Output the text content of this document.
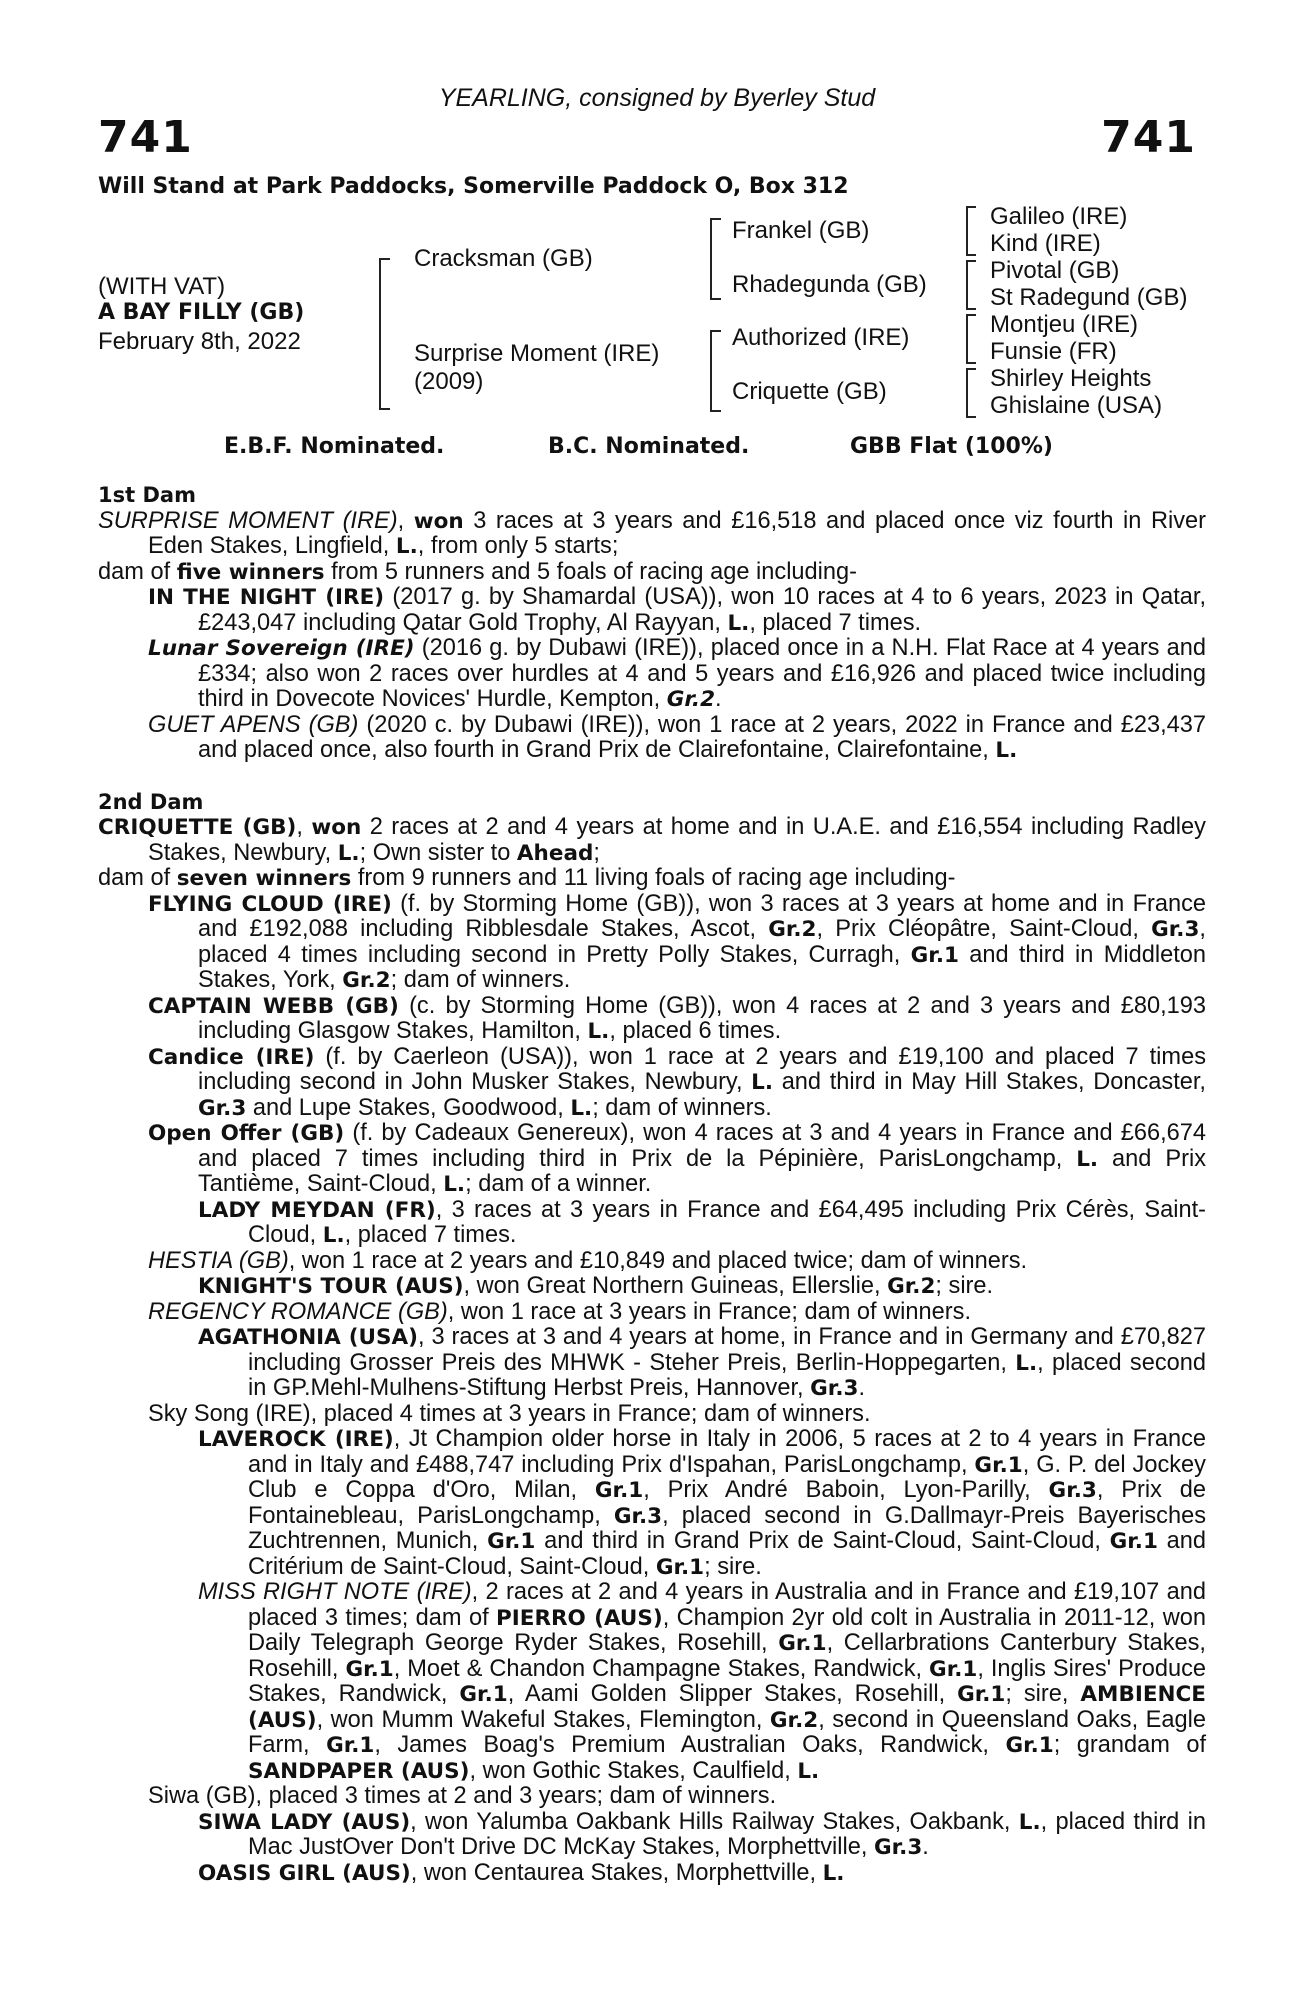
YEARLING, consigned by Byerley Stud
741	741
Will Stand at Park Paddocks, Somerville Paddock O, Box 312
(WITH VAT)
A BAY FILLY (GB)
February 8th, 2022
Cracksman (GB)
Surprise Moment (IRE)
(2009)
Frankel (GB)
Rhadegunda (GB)
Authorized (IRE)
Criquette (GB)
Galileo (IRE)
Kind (IRE)
Pivotal (GB)
St Radegund (GB)
Montjeu (IRE)
Funsie (FR)
Shirley Heights
Ghislaine (USA)
E.B.F. Nominated.	B.C. Nominated.	GBB Flat (100%)
1st Dam

SURPRISE MOMENT (IRE), won 3 races at 3 years and £16,518 and placed once viz fourth in River Eden Stakes, Lingfield, L., from only 5 starts;

dam of five winners from 5 runners and 5 foals of racing age including-

IN THE NIGHT (IRE) (2017 g. by Shamardal (USA)), won 10 races at 4 to 6 years, 2023 in Qatar, £243,047 including Qatar Gold Trophy, Al Rayyan, L., placed 7 times.

Lunar Sovereign (IRE) (2016 g. by Dubawi (IRE)), placed once in a N.H. Flat Race at 4 years and £334; also won 2 races over hurdles at 4 and 5 years and £16,926 and placed twice including third in Dovecote Novices' Hurdle, Kempton, Gr.2.

GUET APENS (GB) (2020 c. by Dubawi (IRE)), won 1 race at 2 years, 2022 in France and £23,437 and placed once, also fourth in Grand Prix de Clairefontaine, Clairefontaine, L.

2nd Dam

CRIQUETTE (GB), won 2 races at 2 and 4 years at home and in U.A.E. and £16,554 including Radley Stakes, Newbury, L.; Own sister to Ahead;

dam of seven winners from 9 runners and 11 living foals of racing age including-

FLYING CLOUD (IRE) (f. by Storming Home (GB)), won 3 races at 3 years at home and in France and £192,088 including Ribblesdale Stakes, Ascot, Gr.2, Prix Cléopâtre, Saint-Cloud, Gr.3, placed 4 times including second in Pretty Polly Stakes, Curragh, Gr.1 and third in Middleton Stakes, York, Gr.2; dam of winners.

CAPTAIN WEBB (GB) (c. by Storming Home (GB)), won 4 races at 2 and 3 years and £80,193 including Glasgow Stakes, Hamilton, L., placed 6 times.

Candice (IRE) (f. by Caerleon (USA)), won 1 race at 2 years and £19,100 and placed 7 times including second in John Musker Stakes, Newbury, L. and third in May Hill Stakes, Doncaster, Gr.3 and Lupe Stakes, Goodwood, L.; dam of winners.

Open Offer (GB) (f. by Cadeaux Genereux), won 4 races at 3 and 4 years in France and £66,674 and placed 7 times including third in Prix de la Pépinière, ParisLongchamp, L. and Prix Tantième, Saint-Cloud, L.; dam of a winner.

LADY MEYDAN (FR), 3 races at 3 years in France and £64,495 including Prix Cérès, Saint-Cloud, L., placed 7 times.

HESTIA (GB), won 1 race at 2 years and £10,849 and placed twice; dam of winners.

KNIGHT'S TOUR (AUS), won Great Northern Guineas, Ellerslie, Gr.2; sire.

REGENCY ROMANCE (GB), won 1 race at 3 years in France; dam of winners.

AGATHONIA (USA), 3 races at 3 and 4 years at home, in France and in Germany and £70,827 including Grosser Preis des MHWK - Steher Preis, Berlin-Hoppegarten, L., placed second in GP.Mehl-Mulhens-Stiftung Herbst Preis, Hannover, Gr.3.

Sky Song (IRE), placed 4 times at 3 years in France; dam of winners.

LAVEROCK (IRE), Jt Champion older horse in Italy in 2006, 5 races at 2 to 4 years in France and in Italy and £488,747 including Prix d'Ispahan, ParisLongchamp, Gr.1, G. P. del Jockey Club e Coppa d'Oro, Milan, Gr.1, Prix André Baboin, Lyon-Parilly, Gr.3, Prix de Fontainebleau, ParisLongchamp, Gr.3, placed second in G.Dallmayr-Preis Bayerisches Zuchtrennen, Munich, Gr.1 and third in Grand Prix de Saint-Cloud, Saint-Cloud, Gr.1 and Critérium de Saint-Cloud, Saint-Cloud, Gr.1; sire.

MISS RIGHT NOTE (IRE), 2 races at 2 and 4 years in Australia and in France and £19,107 and placed 3 times; dam of PIERRO (AUS), Champion 2yr old colt in Australia in 2011-12, won Daily Telegraph George Ryder Stakes, Rosehill, Gr.1, Cellarbrations Canterbury Stakes, Rosehill, Gr.1, Moet & Chandon Champagne Stakes, Randwick, Gr.1, Inglis Sires' Produce Stakes, Randwick, Gr.1, Aami Golden Slipper Stakes, Rosehill, Gr.1; sire, AMBIENCE (AUS), won Mumm Wakeful Stakes, Flemington, Gr.2, second in Queensland Oaks, Eagle Farm, Gr.1, James Boag's Premium Australian Oaks, Randwick, Gr.1; grandam of SANDPAPER (AUS), won Gothic Stakes, Caulfield, L.

Siwa (GB), placed 3 times at 2 and 3 years; dam of winners.

SIWA LADY (AUS), won Yalumba Oakbank Hills Railway Stakes, Oakbank, L., placed third in Mac JustOver Don't Drive DC McKay Stakes, Morphettville, Gr.3.

OASIS GIRL (AUS), won Centaurea Stakes, Morphettville, L.
